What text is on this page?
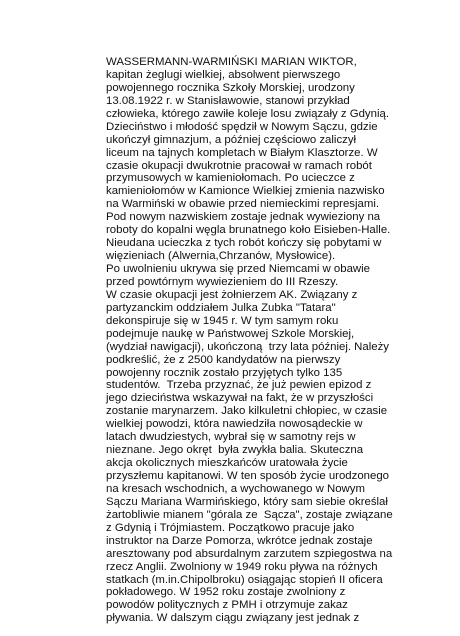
WASSERMANN-WARMIŃSKI MARIAN WIKTOR,
kapitan żeglugi wielkiej, absolwent pierwszego
powojennego rocznika Szkoły Morskiej, urodzony
13.08.1922 r. w Stanisławowie, stanowi przykład
człowieka, którego zawiłe koleje losu związały z Gdynią.
Dzieciństwo i młodość spędził w Nowym Sączu, gdzie
ukończył gimnazjum, a później częściowo zaliczył
liceum na tajnych kompletach w Białym Klasztorze. W
czasie okupacji dwukrotnie pracował w ramach robót
przymusowych w kamieniołomach. Po ucieczce z
kamieniołomów w Kamionce Wielkiej zmienia nazwisko
na Warmiński w obawie przed niemieckimi represjami.
Pod nowym nazwiskiem zostaje jednak wywieziony na
roboty do kopalni węgla brunatnego koło Eisieben-Halle.
Nieudana ucieczka z tych robót kończy się pobytami w
więzieniach (Alwernia,Chrzanów, Mysłowice).
Po uwolnieniu ukrywa się przed Niemcami w obawie
przed powtórnym wywiezieniem do III Rzeszy.
W czasie okupacji jest żołnierzem AK. Związany z
partyzanckim oddziałem Julka Zubka "Tatara"
dekonspiruje się w 1945 r. W tym samym roku
podejmuje naukę w Państwowej Szkole Morskiej,
(wydział nawigacji), ukończoną  trzy lata później. Należy
podkreślić, że z 2500 kandydatów na pierwszy
powojenny rocznik zostało przyjętych tylko 135
studentów.  Trzeba przyznać, że już pewien epizod z
jego dzieciństwa wskazywał na fakt, że w przyszłości
zostanie marynarzem. Jako kilkuletni chłopiec, w czasie
wielkiej powodzi, która nawiedziła nowosądeckie w
latach dwudziestych, wybrał się w samotny rejs w
nieznane. Jego okręt  była zwykła balia. Skuteczna
akcja okolicznych mieszkańców uratowała życie
przyszłemu kapitanowi. W ten sposób życie urodzonego
na kresach wschodnich, a wychowanego w Nowym
Sączu Mariana Warmińskiego, który sam siebie określał
żartobliwie mianem "górala ze  Sącza", zostaje związane
z Gdynią i Trójmiastem. Początkowo pracuje jako
instruktor na Darze Pomorza, wkrótce jednak zostaje
aresztowany pod absurdalnym zarzutem szpiegostwa na
rzecz Anglii. Zwolniony w 1949 roku pływa na różnych
statkach (m.in.Chipolbroku) osiągając stopień II oficera
pokładowego. W 1952 roku zostaje zwolniony z
powodów politycznych z PMH i otrzymuje zakaz
pływania. W dalszym ciągu związany jest jednak z
